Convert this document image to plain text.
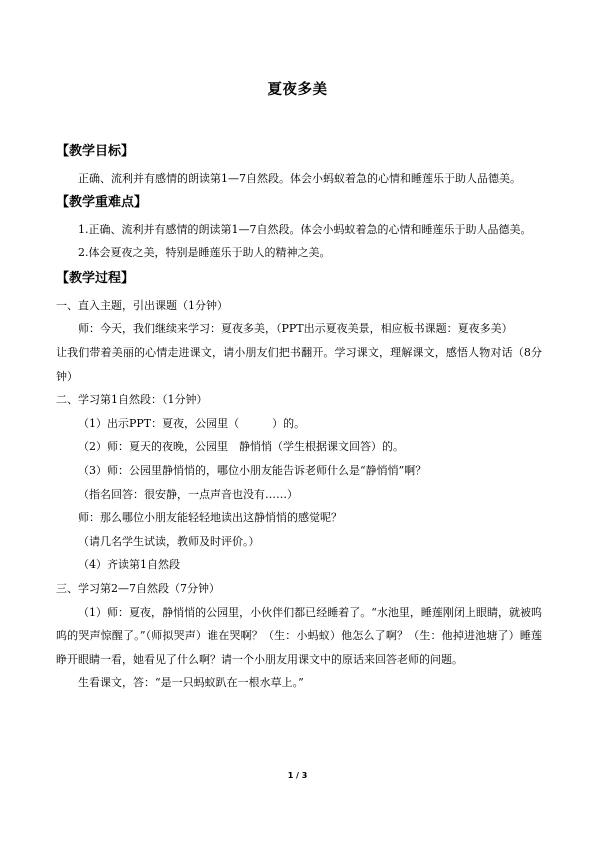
夏夜多美

【教学目标】

正确、流利并有感情的朗读第1—7自然段。体会小蚂蚁着急的心情和睡莲乐于助人品德美。

【教学重难点】

1.正确、流利并有感情的朗读第1—7自然段。体会小蚂蚁着急的心情和睡莲乐于助人品德美。

2.体会夏夜之美，特别是睡莲乐于助人的精神之美。

【教学过程】

一、直入主题，引出课题（1分钟）

师：今天，我们继续来学习：夏夜多美，（PPT出示夏夜美景，相应板书课题：夏夜多美）

让我们带着美丽的心情走进课文，请小朋友们把书翻开。学习课文，理解课文，感悟人物对话（8分钟）

二、学习第1自然段：（1分钟）

（1）出示PPT：夏夜，公园里（　　　）的。

（2）师：夏天的夜晚，公园里　静悄悄（学生根据课文回答）的。

（3）师：公园里静悄悄的，哪位小朋友能告诉老师什么是“静悄悄”啊？

（指名回答：很安静，一点声音也没有……）

师：那么哪位小朋友能轻轻地读出这静悄悄的感觉呢？

（请几名学生试读，教师及时评价。）

（4）齐读第1自然段

三、学习第2—7自然段（7分钟）

（1）师：夏夜，静悄悄的公园里，小伙伴们都已经睡着了。“水池里，睡莲刚闭上眼睛，就被呜呜的哭声惊醒了。”（师拟哭声）谁在哭啊？（生：小蚂蚁）他怎么了啊？（生：他掉进池塘了）睡莲睁开眼睛一看，她看见了什么啊？请一个小朋友用课文中的原话来回答老师的问题。

生看课文，答：“是一只蚂蚁趴在一根水草上。”

1 / 3
